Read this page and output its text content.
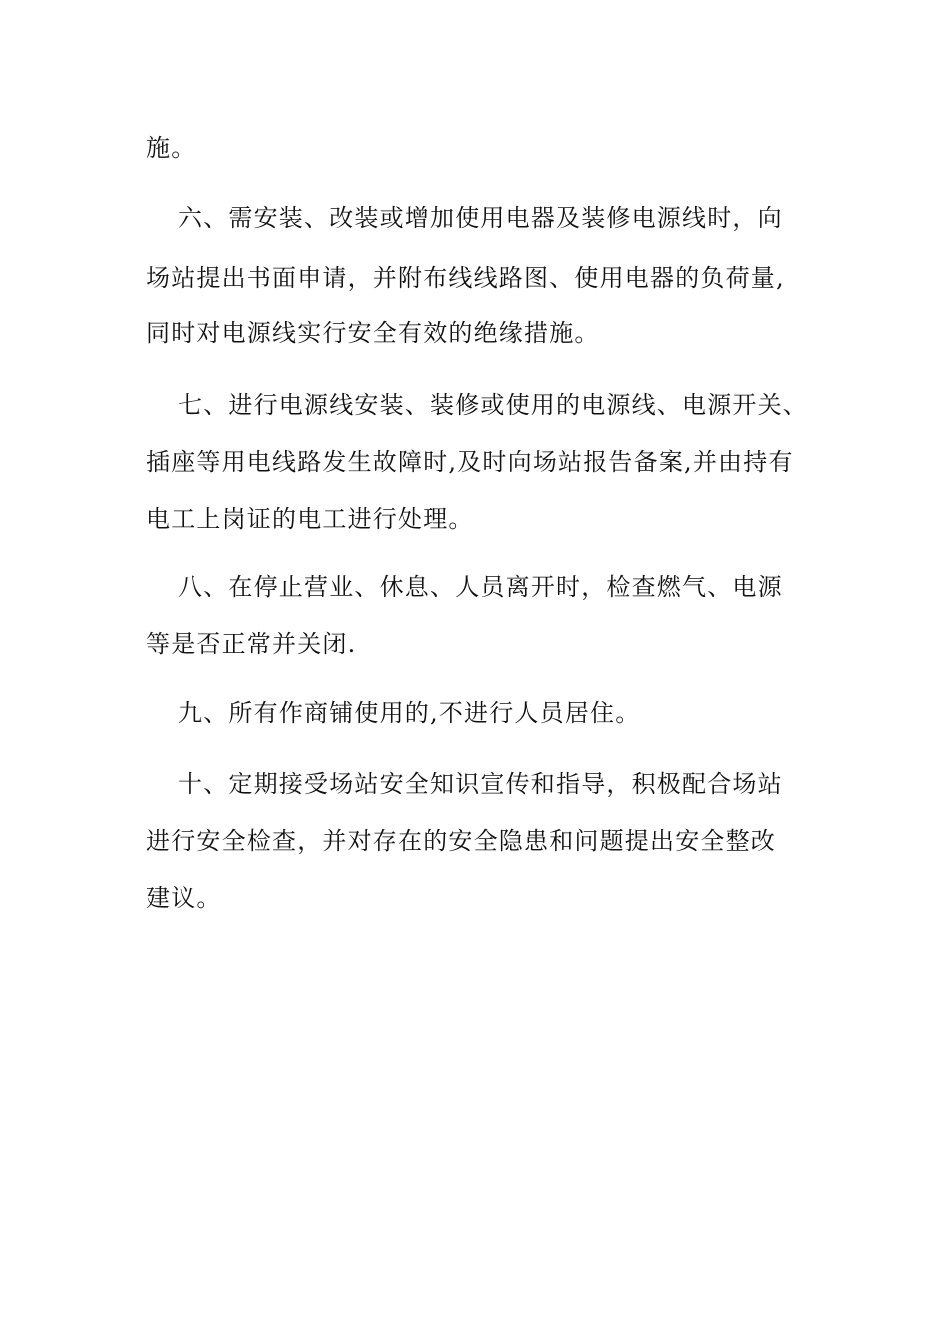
施。

六、需安装、改装或增加使用电器及装修电源线时，向

场站提出书面申请，并附布线线路图、使用电器的负荷量,

同时对电源线实行安全有效的绝缘措施。

七、进行电源线安装、装修或使用的电源线、电源开关、

插座等用电线路发生故障时,及时向场站报告备案,并由持有

电工上岗证的电工进行处理。

八、在停止营业、休息、人员离开时，检查燃气、电源

等是否正常并关闭.

九、所有作商铺使用的,不进行人员居住。

十、定期接受场站安全知识宣传和指导，积极配合场站

进行安全检查，并对存在的安全隐患和问题提出安全整改

建议。
